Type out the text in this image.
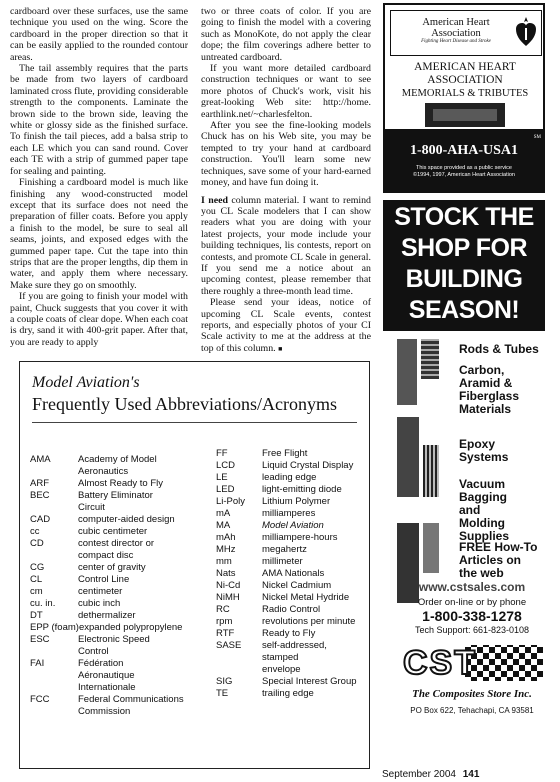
cardboard over these surfaces, use the same technique you used on the wing. Score the cardboard in the proper direction so that it can be easily applied to the rounded contour areas.

The tail assembly requires that the parts be made from two layers of cardboard laminated cross flute, providing considerable strength to the components. Laminate the brown side to the brown side, leaving the white or glossy side as the finished surface. To finish the tail pieces, add a balsa strip to each LE which you can sand round. Cover each TE with a strip of gummed paper tape for sealing and painting.

Finishing a cardboard model is much like finishing any wood-constructed model except that its surface does not need the preparation of filler coats. Before you apply a finish to the model, be sure to seal all seams, joints, and exposed edges with the gummed paper tape. Cut the tape into thin strips that are the proper lengths, dip them in water, and apply them where necessary. Make sure they go on smoothly.

If you are going to finish your model with paint, Chuck suggests that you cover it with a couple coats of clear dope. When each coat is dry, sand it with 400-grit paper. After that, you are ready to apply

two or three coats of color. If you are going to finish the model with a covering such as MonoKote, do not apply the clear dope; the film coverings adhere better to untreated cardboard.

If you want more detailed cardboard construction techniques or want to see more photos of Chuck's work, visit his great-looking Web site: http://home. earthlink.net/~charlesfelton.

After you see the fine-looking models Chuck has on his Web site, you may be tempted to try your hand at cardboard construction. You'll learn some new techniques, save some of your hard-earned money, and have fun doing it.

I need column material. I want to remind you CL Scale modelers that I can show readers what you are doing with your latest projects, your mode include your building techniques, lis contests, report on contests, and promote CL Scale in general. If you send me a notice about an upcoming contest, please remember that there roughly a three-month lead time.

Please send your ideas, notice of upcoming CL Scale events, contest reports, and especially photos of your CI Scale activity to me at the address at the top of this column. ■

Model Aviation's
Frequently Used Abbreviations/Acronyms
AMA	Academy of Model
Aeronautics
ARF	Almost Ready to Fly
BEC	Battery Eliminator
Circuit
CAD	computer-aided design
cc	cubic centimeter
CD	contest director or
compact disc
CG	center of gravity
CL	Control Line
cm	centimeter
cu. in.	cubic inch
DT	dethermalizer
EPP (foam) expanded polypropylene
ESC	Electronic Speed
Control
FAI	Fédération
Aéronautique
Internationale
FCC	Federal Communications
Commission
FF	Free Flight
LCD	Liquid Crystal Display
LE	leading edge
LED	light-emitting diode
Li-Poly	Lithium Polymer
mA	milliamperes
MA	Model Aviation
mAh	milliampere-hours
MHz	megahertz
mm	millimeter
Nats	AMA Nationals
Ni-Cd	Nickel Cadmium
NiMH	Nickel Metal Hydride
RC	Radio Control
rpm	revolutions per minute
RTF	Ready to Fly
SASE	self-addressed, stamped
envelope
SIG	Special Interest Group
TE	trailing edge
American Heart Association
Fighting Heart Disease and Stroke
AMERICAN HEART
ASSOCIATION
MEMORIALS & TRIBUTES
SM
1-800-AHA-USA1
This space provided as a public service
©1994, 1997, American Heart Association
STOCK THE
SHOP FOR
BUILDING
SEASON!
Rods & Tubes
Carbon, Aramid & Fiberglass Materials
Epoxy Systems
Vacuum Bagging and Molding Supplies
FREE How-To Articles on the web
www.cstsales.com
Order on-line or by phone
1-800-338-1278
Tech Support: 661-823-0108
CST
The Composites Store Inc.
PO Box 622, Tehachapi, CA 93581
September 2004 141
